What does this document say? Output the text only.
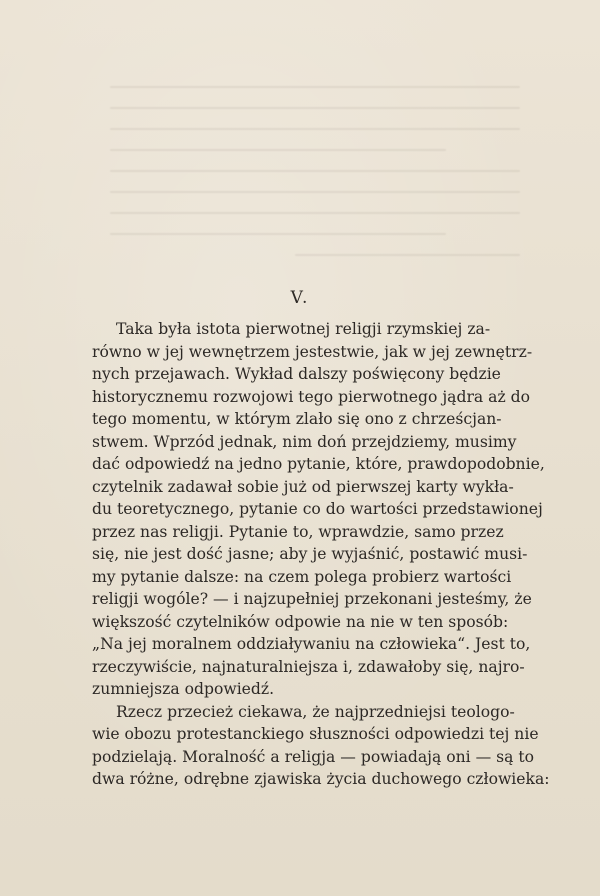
V.

Taka była istota pierwotnej religji rzymskiej za-
równo w jej wewnętrzem jestestwie, jak w jej zewnętrz-
nych przejawach. Wykład dalszy poświęcony będzie
historycznemu rozwojowi tego pierwotnego jądra aż do
tego momentu, w którym zlało się ono z chrześcjan-
stwem. Wprzód jednak, nim doń przejdziemy, musimy
dać odpowiedź na jedno pytanie, które, prawdopodobnie,
czytelnik zadawał sobie już od pierwszej karty wykła-
du teoretycznego, pytanie co do wartości przedstawionej
przez nas religji. Pytanie to, wprawdzie, samo przez
się, nie jest dość jasne; aby je wyjaśnić, postawić musi-
my pytanie dalsze: na czem polega probierz wartości
religji wogóle? — i najzupełniej przekonani jesteśmy, że
większość czytelników odpowie na nie w ten sposób:
„Na jej moralnem oddziaływaniu na człowieka“. Jest to,
rzeczywiście, najnaturalniejsza i, zdawałoby się, najro-
zumniejsza odpowiedź.

Rzecz przecież ciekawa, że najprzedniejsi teologo-
wie obozu protestanckiego słuszności odpowiedzi tej nie
podzielają. Moralność a religja — powiadają oni — są to
dwa różne, odrębne zjawiska życia duchowego człowieka:
